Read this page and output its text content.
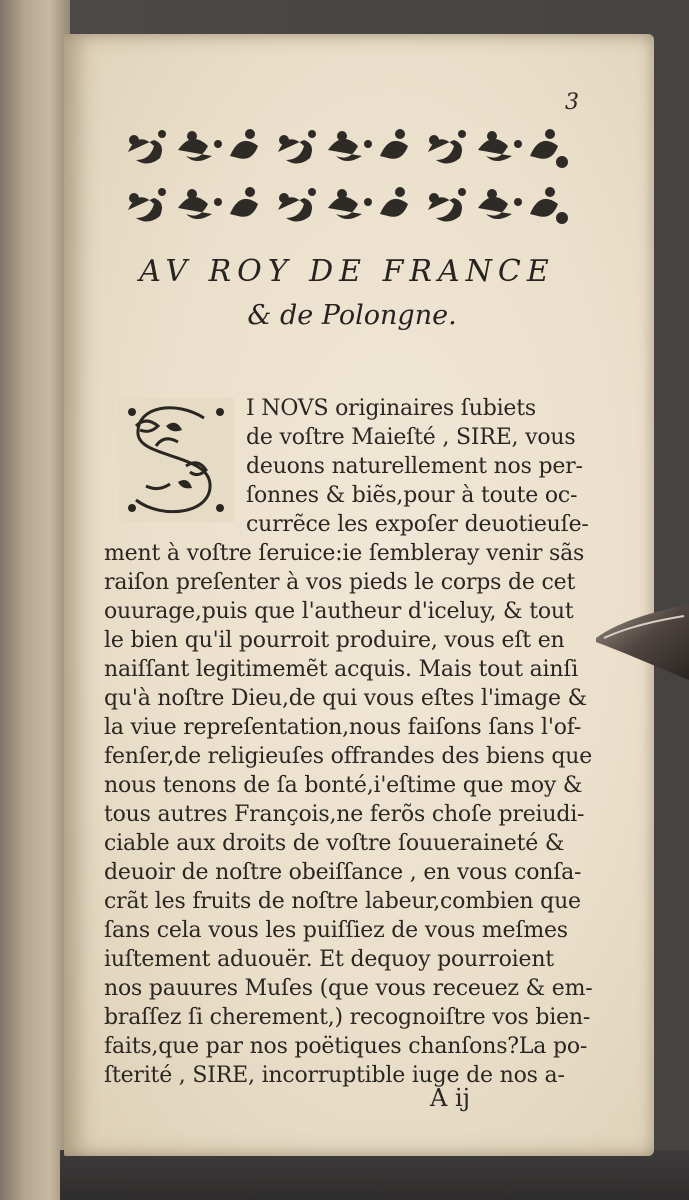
3
AV ROY DE FRANCE
& de Polongne.
I NOVS originaires ſubiets
de voſtre Maieſté , SIRE, vous
deuons naturellement nos per-
ſonnes & biẽs,pour à toute oc-
currẽce les expoſer deuotieuſe-
ment à voſtre ſeruice:ie ſembleray venir sãs
raiſon preſenter à vos pieds le corps de cet
ouurage,puis que l'autheur d'iceluy, & tout
le bien qu'il pourroit produire, vous eſt en
naiſſant legitimemẽt acquis. Mais tout ainſi
qu'à noſtre Dieu,de qui vous eſtes l'image &
la viue repreſentation,nous faiſons ſans l'of-
fenſer,de religieuſes offrandes des biens que
nous tenons de ſa bonté,i'eſtime que moy &
tous autres François,ne ferõs choſe preiudi-
ciable aux droits de voſtre ſouueraineté &
deuoir de noſtre obeiſſance , en vous conſa-
crãt les fruits de noſtre labeur,combien que
ſans cela vous les puiſſiez de vous meſmes
iuſtement aduouër. Et dequoy pourroient
nos pauures Muſes (que vous receuez & em-
braſſez ſi cherement,) recognoiſtre vos bien-
faits,que par nos poëtiques chanſons?La po-
ſterité , SIRE, incorruptible iuge de nos a-
A ij
